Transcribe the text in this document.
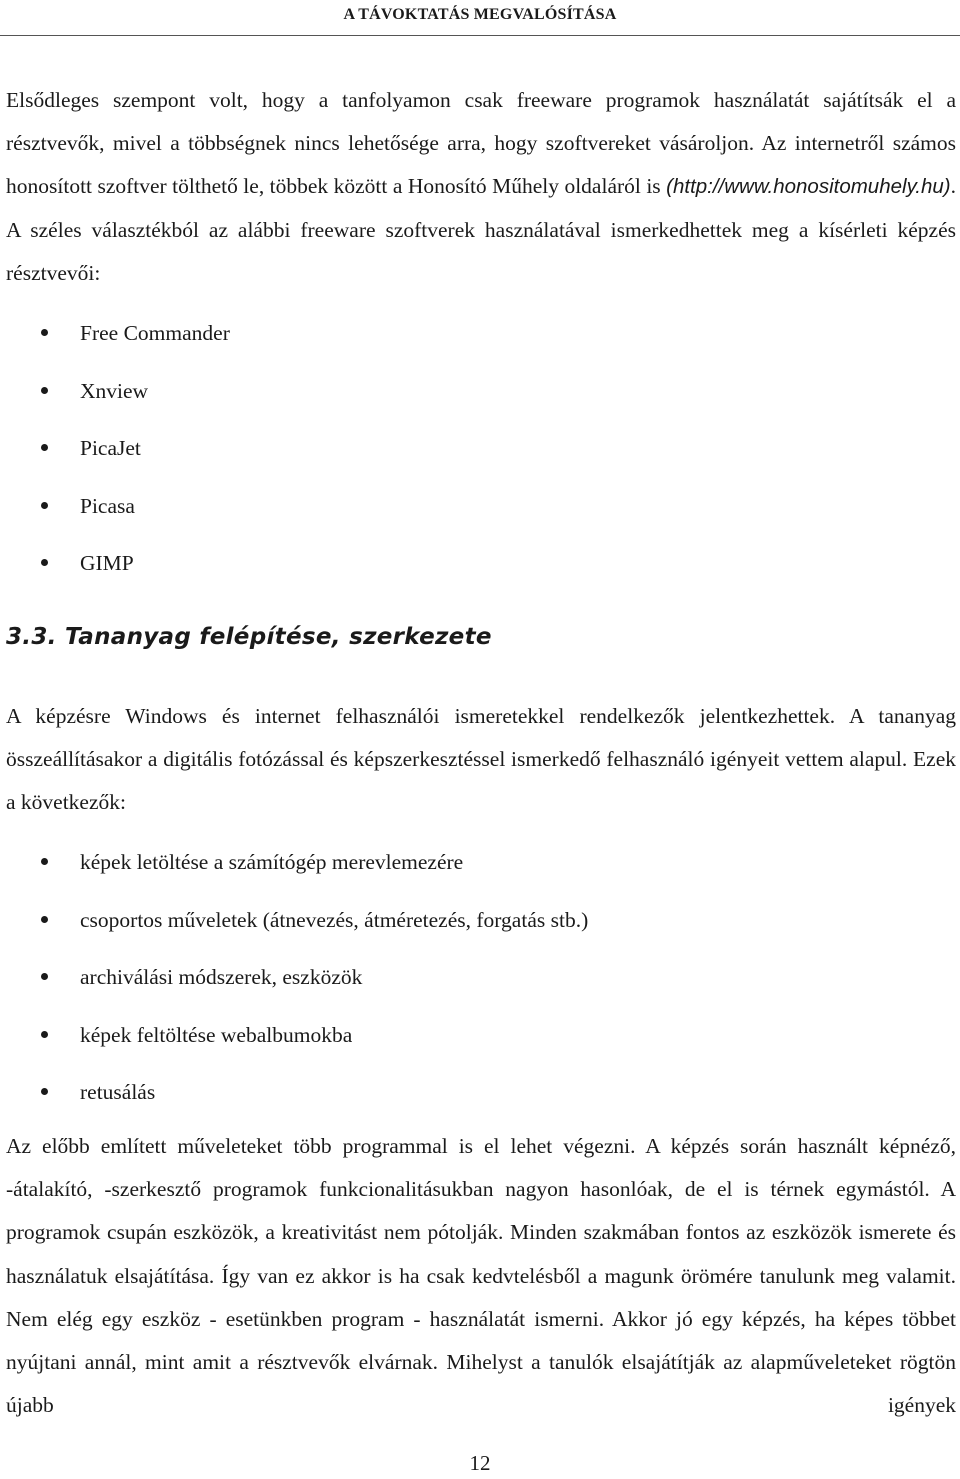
A TÁVOKTATÁS MEGVALÓSÍTÁSA

Elsődleges szempont volt, hogy a tanfolyamon csak freeware programok használatát sajátítsák el a résztvevők, mivel a többségnek nincs lehetősége arra, hogy szoftvereket vásároljon. Az internetről számos honosított szoftver tölthető le, többek között a Honosító Műhely oldaláról is (http://www.honositomuhely.hu). A széles választékból az alábbi freeware szoftverek használatával ismerkedhettek meg a kísérleti képzés résztvevői:

Free Commander
Xnview
PicaJet
Picasa
GIMP
3.3. Tananyag felépítése, szerkezete

A képzésre Windows és internet felhasználói ismeretekkel rendelkezők jelentkezhettek. A tananyag összeállításakor a digitális fotózással és képszerkesztéssel ismerkedő felhasználó igényeit vettem alapul. Ezek a következők:

képek letöltése a számítógép merevlemezére
csoportos műveletek (átnevezés, átméretezés, forgatás stb.)
archiválási módszerek, eszközök
képek feltöltése webalbumokba
retusálás

Az előbb említett műveleteket több programmal is el lehet végezni. A képzés során használt képnéző, -átalakító, -szerkesztő programok funkcionalitásukban nagyon hasonlóak, de el is térnek egymástól. A programok csupán eszközök, a kreativitást nem pótolják. Minden szakmában fontos az eszközök ismerete és használatuk elsajátítása. Így van ez akkor is ha csak kedvtelésből a magunk örömére tanulunk meg valamit. Nem elég egy eszköz - esetünkben program - használatát ismerni. Akkor jó egy képzés, ha képes többet nyújtani annál, mint amit a résztvevők elvárnak. Mihelyst a tanulók elsajátítják az alapműveleteket rögtön újabb igények

12
